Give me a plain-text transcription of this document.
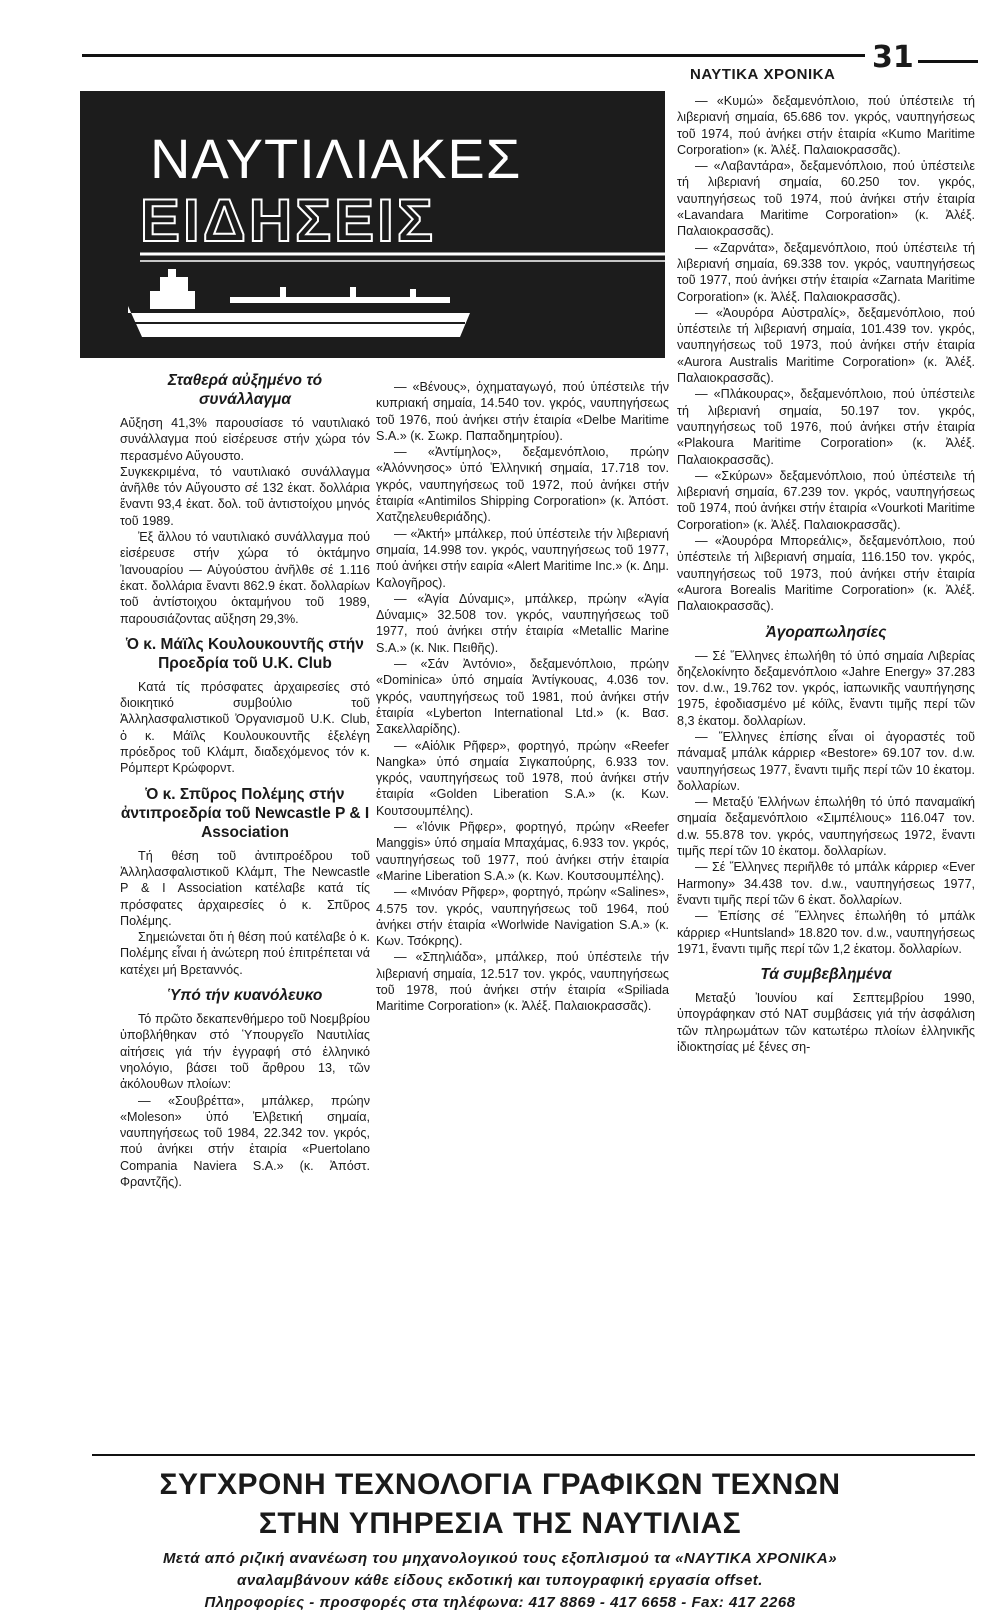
31
ΝΑΥΤΙΚΑ ΧΡΟΝΙΚΑ
ΝΑΥΤΙΛΙΑΚΕΣ
ΕΙΔΗΣΕΙΣ
Σταθερά αὐξημένο τό συνάλλαγμα

Αὔξηση 41,3% παρουσίασε τό ναυτιλιακό συνάλλαγμα πού εἰσέρευσε στήν χώρα τόν περασμένο Αὔγουστο.

Συγκεκριμένα, τό ναυτιλιακό συνάλλαγμα ἀνῆλθε τόν Αὔγουστο σέ 132 ἑκατ. δολλάρια ἔναντι 93,4 ἑκατ. δολ. τοῦ ἀντιστοίχου μηνός τοῦ 1989.

Ἐξ ἄλλου τό ναυτιλιακό συνάλλαγμα πού εἰσέρευσε στήν χώρα τό ὀκτάμηνο Ἰανουαρίου — Αὐγούστου ἀνῆλθε σέ 1.116 ἑκατ. δολλάρια ἔναντι 862.9 ἑκατ. δολλαρίων τοῦ ἀντίστοιχου ὀκταμήνου τοῦ 1989, παρουσιάζοντας αὔξηση 29,3%.

Ὁ κ. Μάϊλς Κουλουκουντῆς στήν Προεδρία τοῦ U.K. Club

Κατά τίς πρόσφατες ἀρχαιρεσίες στό διοικητικό συμβούλιο τοῦ Ἀλληλασφαλιστικοῦ Ὀργανισμοῦ U.K. Club, ὁ κ. Μάϊλς Κουλουκουντῆς ἐξελέγη πρόεδρος τοῦ Κλάμπ, διαδεχόμενος τόν κ. Ρόμπερτ Κρώφορντ.

Ὁ κ. Σπῦρος Πολέμης στήν ἀντιπροεδρία τοῦ Newcastle P & I Association

Τή θέση τοῦ ἀντιπροέδρου τοῦ Ἀλληλασφαλιστικοῦ Κλάμπ, The Newcastle P & I Association κατέλαβε κατά τίς πρόσφατες ἀρχαιρεσίες ὁ κ. Σπῦρος Πολέμης.

Σημειώνεται ὅτι ἡ θέση πού κατέλαβε ὁ κ. Πολέμης εἶναι ἡ ἀνώτερη πού ἐπιτρέπεται νά κατέχει μή Βρεταννός.

Ὑπό τήν κυανόλευκο

Τό πρῶτο δεκαπενθήμερο τοῦ Νοεμβρίου ὑποβλήθηκαν στό Ὑπουργεῖο Ναυτιλίας αἰτήσεις γιά τήν ἐγγραφή στό ἑλληνικό νηολόγιο, βάσει τοῦ ἄρθρου 13, τῶν ἀκόλουθων πλοίων:

— «Σουβρέττα», μπάλκερ, πρώην «Moleson» ὑπό Ἐλβετική σημαία, ναυπηγήσεως τοῦ 1984, 22.342 τον. γκρός, πού ἀνήκει στήν ἑταιρία «Puertolano Compania Naviera S.A.» (κ. Ἀπόστ. Φραντζῆς).

— «Βένους», ὀχηματαγωγό, πού ὑπέστειλε τήν κυπριακή σημαία, 14.540 τον. γκρός, ναυπηγήσεως τοῦ 1976, πού ἀνήκει στήν ἑταιρία «Delbe Maritime S.A.» (κ. Σωκρ. Παπαδημητρίου).

— «Ἀντίμηλος», δεξαμενόπλοιο, πρώην «Ἀλόννησος» ὑπό Ἑλληνική σημαία, 17.718 τον. γκρός, ναυπηγήσεως τοῦ 1972, πού ἀνήκει στήν ἑταιρία «Antimilos Shipping Corporation» (κ. Ἀπόστ. Χατζηελευθεριάδης).

— «Ἀκτή» μπάλκερ, πού ὑπέστειλε τήν λιβεριανή σημαία, 14.998 τον. γκρός, ναυπηγήσεως τοῦ 1977, πού ἀνήκει στήν εαιρία «Alert Maritime Inc.» (κ. Δημ. Καλογῆρος).

— «Ἁγία Δύναμις», μπάλκερ, πρώην «Ἁγία Δύναμις» 32.508 τον. γκρός, ναυπηγήσεως τοῦ 1977, πού ἀνήκει στήν ἑταιρία «Metallic Marine S.A.» (κ. Νικ. Πειθῆς).

— «Σάν Ἀντόνιο», δεξαμενόπλοιο, πρώην «Dominica» ὑπό σημαία Ἀντίγκουας, 4.036 τον. γκρός, ναυπηγήσεως τοῦ 1981, πού ἀνήκει στήν ἑταιρία «Lyberton International Ltd.» (κ. Βασ. Σακελλαρίδης).

— «Αἰόλικ Ρῆφερ», φορτηγό, πρώην «Reefer Nangka» ὑπό σημαία Σιγκαπούρης, 6.933 τον. γκρός, ναυπηγήσεως τοῦ 1978, πού ἀνήκει στήν ἑταιρία «Golden Liberation S.A.» (κ. Κων. Κουτσουμπέλης).

— «Ἰόνικ Ρῆφερ», φορτηγό, πρώην «Reefer Manggis» ὑπό σημαία Μπαχάμας, 6.933 τον. γκρός, ναυπηγήσεως τοῦ 1977, πού ἀνήκει στήν ἑταιρία «Marine Liberation S.A.» (κ. Κων. Κουτσουμπέλης).

— «Μινόαν Ρῆφερ», φορτηγό, πρώην «Salines», 4.575 τον. γκρός, ναυπηγήσεως τοῦ 1964, πού ἀνήκει στήν ἑταιρία «Worlwide Navigation S.A.» (κ. Κων. Τσόκρης).

— «Σπηλιάδα», μπάλκερ, πού ὑπέστειλε τήν λιβεριανή σημαία, 12.517 τον. γκρός, ναυπηγήσεως τοῦ 1978, πού ἀνήκει στήν ἑταιρία «Spiliada Maritime Corporation» (κ. Ἀλέξ. Παλαιοκρασσᾶς).

— «Κυμώ» δεξαμενόπλοιο, πού ὑπέστειλε τή λιβεριανή σημαία, 65.686 τον. γκρός, ναυπηγήσεως τοῦ 1974, πού ἀνήκει στήν ἑταιρία «Kumo Maritime Corporation» (κ. Ἀλέξ. Παλαιοκρασσᾶς).

— «Λαβαντάρα», δεξαμενόπλοιο, πού ὑπέστειλε τή λιβεριανή σημαία, 60.250 τον. γκρός, ναυπηγήσεως τοῦ 1974, πού ἀνήκει στήν ἑταιρία «Lavandara Maritime Corporation» (κ. Ἀλέξ. Παλαιοκρασσᾶς).

— «Ζαρνάτα», δεξαμενόπλοιο, πού ὑπέστειλε τή λιβεριανή σημαία, 69.338 τον. γκρός, ναυπηγήσεως τοῦ 1977, πού ἀνήκει στήν ἑταιρία «Zarnata Maritime Corporation» (κ. Ἀλέξ. Παλαιοκρασσᾶς).

— «Ἀουρόρα Αὐστραλίς», δεξαμενόπλοιο, πού ὑπέστειλε τή λιβεριανή σημαία, 101.439 τον. γκρός, ναυπηγήσεως τοῦ 1973, πού ἀνήκει στήν ἑταιρία «Aurora Australis Maritime Corporation» (κ. Ἀλέξ. Παλαιοκρασσᾶς).

— «Πλάκουρας», δεξαμενόπλοιο, πού ὑπέστειλε τή λιβεριανή σημαία, 50.197 τον. γκρός, ναυπηγήσεως τοῦ 1976, πού ἀνήκει στήν ἑταιρία «Plakoura Maritime Corporation» (κ. Ἀλέξ. Παλαιοκρασσᾶς).

— «Σκύρων» δεξαμενόπλοιο, πού ὑπέστειλε τή λιβεριανή σημαία, 67.239 τον. γκρός, ναυπηγήσεως τοῦ 1974, πού ἀνήκει στήν ἑταιρία «Vourkoti Maritime Corporation» (κ. Ἀλέξ. Παλαιοκρασσᾶς).

— «Ἀουρόρα Μπορεάλις», δεξαμενόπλοιο, πού ὑπέστειλε τή λιβεριανή σημαία, 116.150 τον. γκρός, ναυπηγήσεως τοῦ 1973, πού ἀνήκει στήν ἑταιρία «Aurora Borealis Maritime Corporation» (κ. Ἀλέξ. Παλαιοκρασσᾶς).

Ἀγοραπωλησίες

— Σέ Ἕλληνες ἐπωλήθη τό ὑπό σημαία Λιβερίας δηζελοκίνητο δεξαμενόπλοιο «Jahre Energy» 37.283 τον. d.w., 19.762 τον. γκρός, ἰαπωνικῆς ναυπήγησης 1975, ἐφοδιασμένο μέ κόϊλς, ἔναντι τιμῆς περί τῶν 8,3 ἑκατομ. δολλαρίων.

— Ἕλληνες ἐπίσης εἶναι οἱ ἀγοραστές τοῦ πάναμαξ μπάλκ κάρριερ «Bestore» 69.107 τον. d.w. ναυπηγήσεως 1977, ἔναντι τιμῆς περί τῶν 10 ἑκατομ. δολλαρίων.

— Μεταξύ Ἑλλήνων ἐπωλήθη τό ὑπό παναμαϊκή σημαία δεξαμενόπλοιο «Σιμπέλιους» 116.047 τον. d.w. 55.878 τον. γκρός, ναυπηγήσεως 1972, ἔναντι τιμῆς περί τῶν 10 ἑκατομ. δολλαρίων.

— Σέ Ἕλληνες περιῆλθε τό μπάλκ κάρριερ «Ever Harmony» 34.438 τον. d.w., ναυπηγήσεως 1977, ἔναντι τιμῆς περί τῶν 6 ἑκατ. δολλαρίων.

— Ἐπίσης σέ Ἕλληνες ἐπωλήθη τό μπάλκ κάρριερ «Huntsland» 18.820 τον. d.w., ναυπηγήσεως 1971, ἔναντι τιμῆς περί τῶν 1,2 ἑκατομ. δολλαρίων.

Τά συμβεβλημένα

Μεταξύ Ἰουνίου καί Σεπτεμβρίου 1990, ὑπογράφηκαν στό NAT συμβάσεις γιά τήν ἀσφάλιση τῶν πληρωμάτων τῶν κατωτέρω πλοίων ἑλληνικῆς ἰδιοκτησίας μέ ξένες ση-

ΣΥΓΧΡΟΝΗ ΤΕΧΝΟΛΟΓΙΑ ΓΡΑΦΙΚΩΝ ΤΕΧΝΩΝ
ΣΤΗΝ ΥΠΗΡΕΣΙΑ ΤΗΣ ΝΑΥΤΙΛΙΑΣ
Μετά από ριζική ανανέωση του μηχανολογικού τους εξοπλισμού τα «ΝΑΥΤΙΚΑ ΧΡΟΝΙΚΑ»
αναλαμβάνουν κάθε είδους εκδοτική και τυπογραφική εργασία offset.
Πληροφορίες - προσφορές στα τηλέφωνα: 417 8869 - 417 6658 - Fax: 417 2268
